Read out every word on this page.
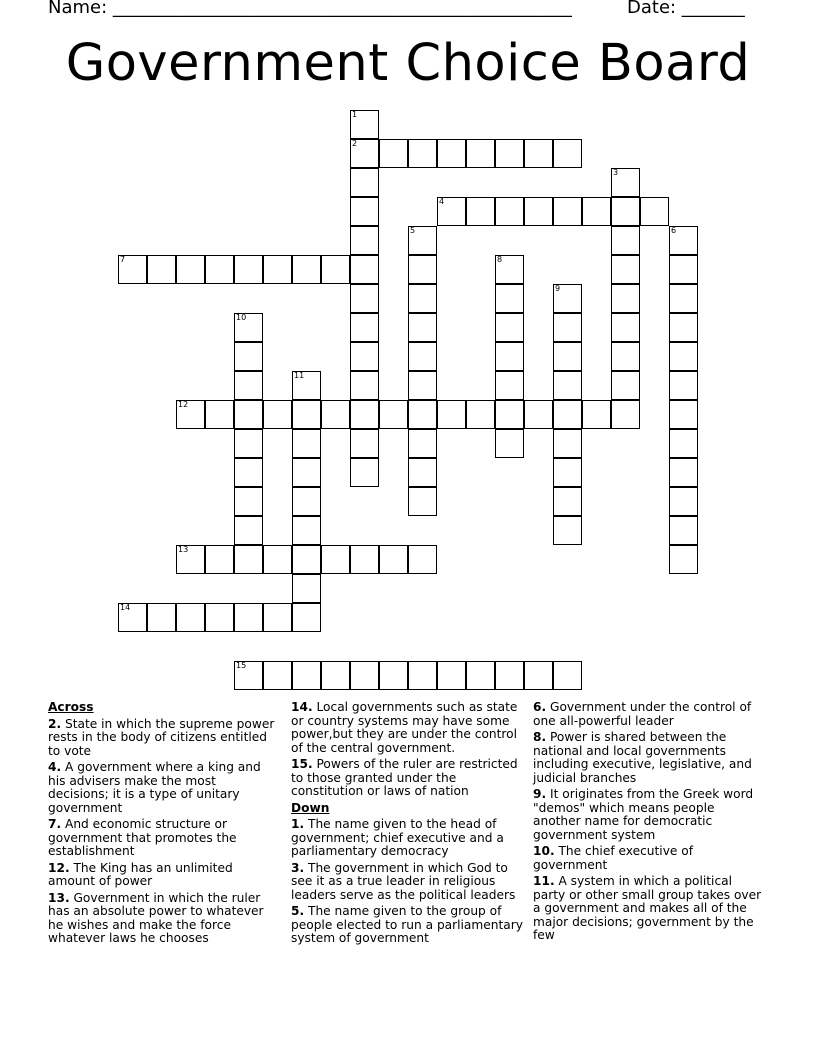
Name: ___________________________________________________	Date: _______
Government Choice Board
2
4
7
12
13
14
15
1
3
5	6
8
9
10
11
Across
2. State in which the supreme power rests in the body of citizens entitled to vote
4. A government where a king and his advisers make the most decisions; it is a type of unitary government
7. And economic structure or government that promotes the establishment
12. The King has an unlimited amount of power
13. Government in which the ruler has an absolute power to whatever he wishes and make the force whatever laws he chooses
14. Local governments such as state or country systems may have some power,but they are under the control of the central government.
15. Powers of the ruler are restricted to those granted under the constitution or laws of nation
Down
1. The name given to the head of government; chief executive and a parliamentary democracy
3. The government in which God to see it as a true leader in religious leaders serve as the political leaders
5. The name given to the group of people elected to run a parliamentary system of government
6. Government under the control of one all-powerful leader
8. Power is shared between the national and local governments including executive, legislative, and judicial branches
9. It originates from the Greek word "demos" which means people another name for democratic government system
10. The chief executive of government
11. A system in which a political party or other small group takes over a government and makes all of the major decisions; government by the few
